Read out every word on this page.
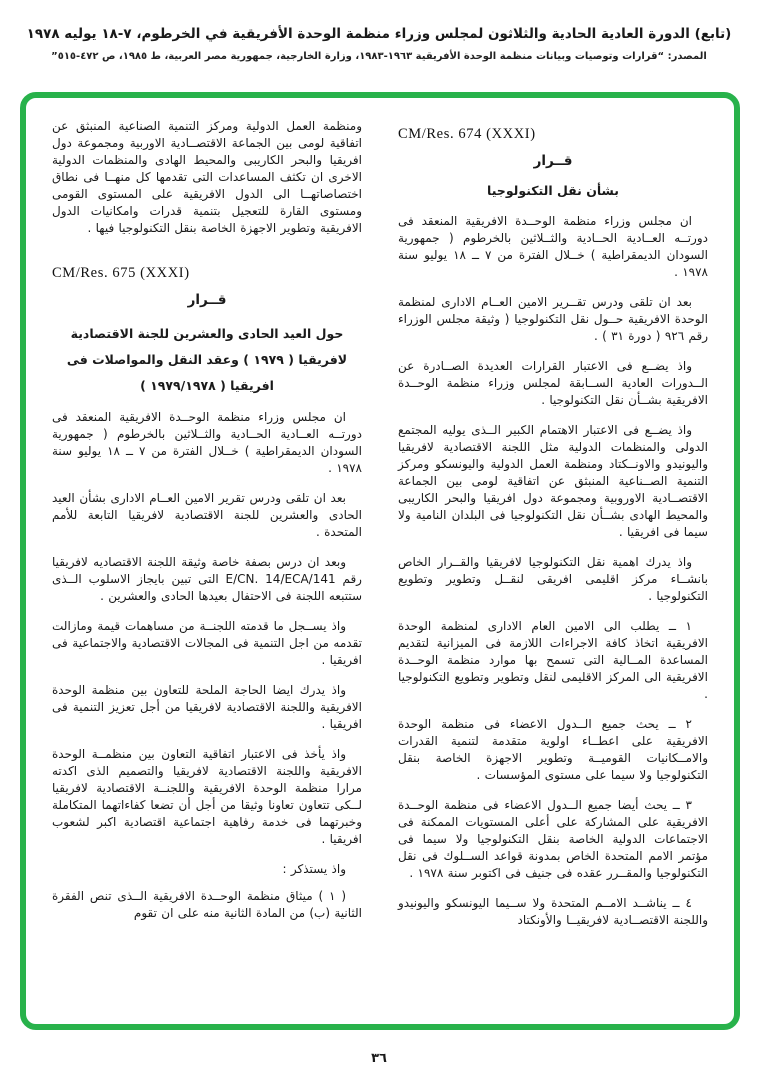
(تابع) الدورة العادية الحادية والثلاثون لمجلس وزراء منظمة الوحدة الأفريقية في الخرطوم، ٧-١٨ يوليه ١٩٧٨
المصدر: “قرارات وتوصيات وبيانات منظمة الوحدة الأفريقية ١٩٦٣-١٩٨٣، وزارة الخارجية، جمهورية مصر العربية، ط ١٩٨٥، ص ٤٧٢-٥١٥”
CM/Res. 674 (XXXI)
قــرار
بشأن نقل التكنولوجيا

ان مجلس وزراء منظمة الوحــدة الافريقية المنعقد فى دورتــه العــادية الحــادية والثــلاثين بالخرطوم ( جمهورية السودان الديمقراطية ) خــلال الفترة من ٧ ــ ١٨ يوليو سنة ١٩٧٨ .

بعد ان تلقى ودرس تقــرير الامين العــام الادارى لمنظمة الوحدة الافريقية حــول نقل التكنولوجيا ( وثيقة مجلس الوزراء رقم ٩٢٦ ( دورة ٣١ ) .

واذ يضــع فى الاعتبار القرارات العديدة الصــادرة عن الــدورات العادية الســابقة لمجلس وزراء منظمة الوحــدة الافريقية بشــأن نقل التكنولوجيا .

واذ يضــع فى الاعتبار الاهتمام الكبير الــذى يوليه المجتمع الدولى والمنظمات الدولية مثل اللجنة الاقتصادية لافريقيا واليونيدو والاونــكتاد ومنظمة العمل الدولية واليونسكو ومركز التنمية الصــناعية المنبثق عن اتفاقية لومى بين الجماعة الاقتصــادية الاوروبية ومجموعة دول افريقيا والبحر الكاريبى والمحيط الهادى بشــأن نقل التكنولوجيا فى البلدان النامية ولا سيما فى افريقيا .

واذ يدرك اهمية نقل التكنولوجيا لافريقيا والقــرار الخاص بانشــاء مركز اقليمى افريقى لنقــل وتطوير وتطويع التكنولوجيا .

١ ــ يطلب الى الامين العام الادارى لمنظمة الوحدة الافريقية اتخاذ كافة الاجراءات اللازمة فى الميزانية لتقديم المساعدة المــالية التى تسمح بها موارد منظمة الوحــدة الافريقية الى المركز الاقليمى لنقل وتطوير وتطويع التكنولوجيا .

٢ ــ يحث جميع الــدول الاعضاء فى منظمة الوحدة الافريقية على اعطــاء اولوية متقدمة لتنمية القدرات والامــكانيات القوميــة وتطوير الاجهزة الخاصة بنقل التكنولوجيا ولا سيما على مستوى المؤسسات .

٣ ــ يحث أيضا جميع الــدول الاعضاء فى منظمة الوحــدة الافريقية على المشاركة على أعلى المستويات الممكنة فى الاجتماعات الدولية الخاصة بنقل التكنولوجيا ولا سيما فى مؤتمر الامم المتحدة الخاص بمدونة قواعد الســلوك فى نقل التكنولوجيا والمقــرر عقده فى جنيف فى اكتوبر سنة ١٩٧٨ .

٤ ــ يناشــد الامــم المتحدة ولا ســيما اليونسكو واليونيدو واللجنة الاقتصــادية لافريقيــا والأونكتاد

ومنظمة العمل الدولية ومركز التنمية الصناعية المنبثق عن اتفاقية لومى بين الجماعة الاقتصــادية الاوربية ومجموعة دول افريقيا والبحر الكاريبى والمحيط الهادى والمنظمات الدولية الاخرى ان تكثف المساعدات التى تقدمها كل منهــا فى نطاق اختصاصاتهــا الى الدول الافريقية على المستوى القومى ومستوى القارة للتعجيل بتنمية قدرات وامكانيات الدول الافريقية وتطوير الاجهزة الخاصة بنقل التكنولوجيا فيها .

CM/Res. 675 (XXXI)
قــرار
حول العيد الحادى والعشرين للجنة الاقتصادية لافريقيا ( ١٩٧٩ ) وعقد النقل والمواصلات فى افريقيا ( ١٩٧٩/١٩٧٨ )

ان مجلس وزراء منظمة الوحــدة الافريقية المنعقد فى دورتــه العــادية الحــادية والثــلاثين بالخرطوم ( جمهورية السودان الديمقراطية ) خــلال الفترة من ٧ ــ ١٨ يوليو سنة ١٩٧٨ .

بعد ان تلقى ودرس تقرير الامين العــام الادارى بشأن العيد الحادى والعشرين للجنة الاقتصادية لافريقيا التابعة للأمم المتحدة .

وبعد ان درس بصفة خاصة وثيقة اللجنة الاقتصاديه لافريقيا رقم E/CN. 14/ECA/141 التى تبين بايجاز الاسلوب الــذى ستتبعه اللجنة فى الاحتفال بعيدها الحادى والعشرين .

واذ يســجل ما قدمته اللجنــة من مساهمات قيمة ومازالت تقدمه من اجل التنمية فى المجالات الاقتصادية والاجتماعية فى افريقيا .

واذ يدرك ايضا الحاجة الملحة للتعاون بين منظمة الوحدة الافريقية واللجنة الاقتصادية لافريقيا من أجل تعزيز التنمية فى افريقيا .

واذ يأخذ فى الاعتبار اتفاقية التعاون بين منظمــة الوحدة الافريقية واللجنة الاقتصادية لافريقيا والتصميم الذى اكدته مرارا منظمة الوحدة الافريقية واللجنــة الاقتصادية لافريقيا لــكى تتعاون تعاونا وثيقا من أجل أن تضعا كفاءاتهما المتكاملة وخبرتهما فى خدمة رفاهية اجتماعية اقتصادية اكبر لشعوب افريقيا .

واذ يستذكر :

( ١ ) ميثاق منظمة الوحــدة الافريقية الــذى تنص الفقرة الثانية (ب) من المادة الثانية منه على ان تقوم

٣٦
